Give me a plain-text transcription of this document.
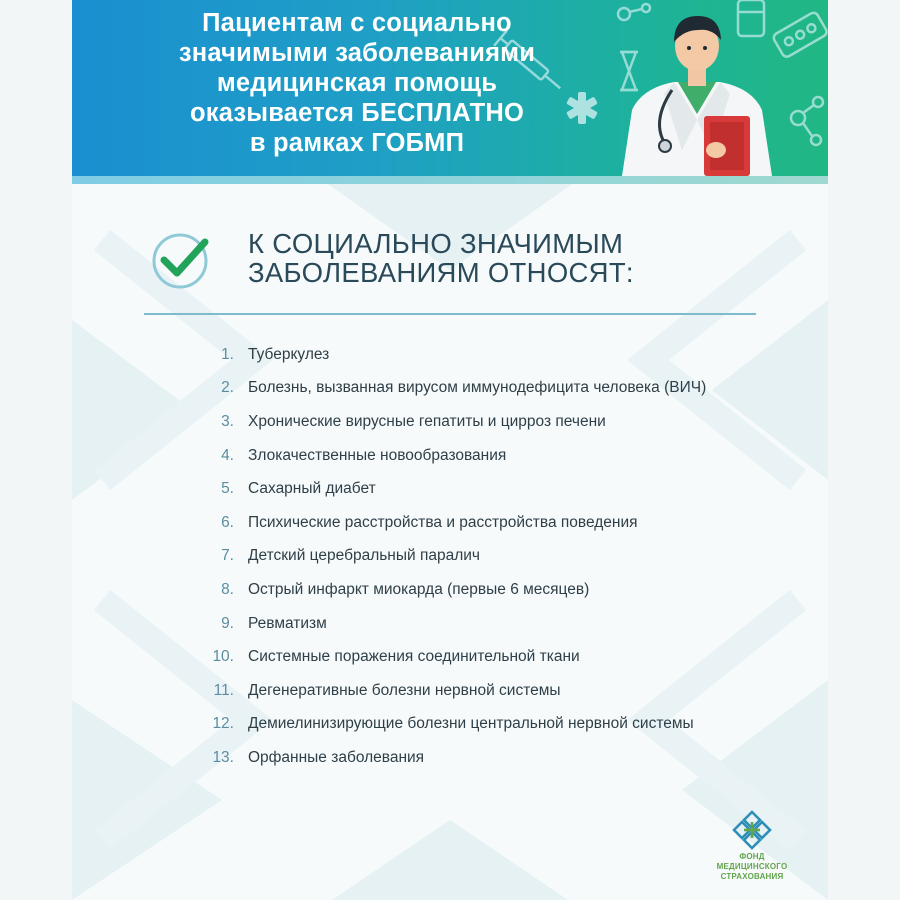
Пациентам с социально
значимыми заболеваниями
медицинская помощь
оказывается БЕСПЛАТНО
в рамках ГОБМП
К СОЦИАЛЬНО ЗНАЧИМЫМ
ЗАБОЛЕВАНИЯМ ОТНОСЯТ:
1. Туберкулез
2. Болезнь, вызванная вирусом иммунодефицита человека (ВИЧ)
3. Хронические вирусные гепатиты и цирроз печени
4. Злокачественные новообразования
5. Сахарный диабет
6. Психические расстройства и расстройства поведения
7. Детский церебральный паралич
8. Острый инфаркт миокарда (первые 6 месяцев)
9. Ревматизм
10. Системные поражения соединительной ткани
11. Дегенеративные болезни нервной системы
12. Демиелинизирующие болезни центральной нервной системы
13. Орфанные заболевания
ФОНД
МЕДИЦИНСКОГО
СТРАХОВАНИЯ
